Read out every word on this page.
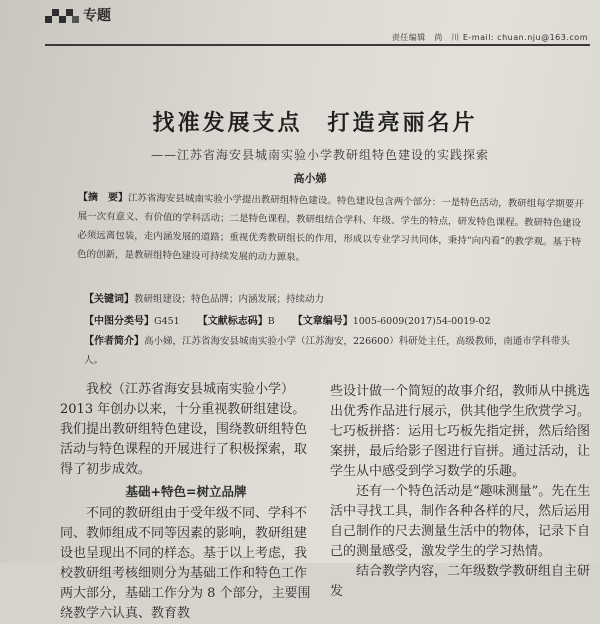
专题
责任编辑　尚　川 E-mail: chuan.nju@163.com
找准发展支点　打造亮丽名片
——江苏省海安县城南实验小学教研组特色建设的实践探索
高小娣
【摘　要】江苏省海安县城南实验小学提出教研组特色建设。特色建设包含两个部分：一是特色活动，教研组每学期要开展一次有意义、有价值的学科活动；二是特色课程，教研组结合学科、年级、学生的特点，研发特色课程。教研特色建设必须远离包装，走内涵发展的道路；重视优秀教研组长的作用，形成以专业学习共同体，秉持“向内看”的教学观。基于特色的创新，是教研组特色建设可持续发展的动力源泉。
【关键词】教研组建设；特色品牌；内涵发展；持续动力
【中图分类号】G451 【文献标志码】B 【文章编号】1005-6009(2017)54-0019-02
【作者简介】高小娣，江苏省海安县城南实验小学（江苏海安，226600）科研处主任，高级教师，南通市学科带头人。

我校（江苏省海安县城南实验小学）2013 年创办以来，十分重视教研组建设。我们提出教研组特色建设，围绕教研组特色活动与特色课程的开展进行了积极探索，取得了初步成效。

基础+特色=树立品牌

不同的教研组由于受年级不同、学科不同、教师组成不同等因素的影响，教研组建设也呈现出不同的样态。基于以上考虑，我校教研组考核细则分为基础工作和特色工作两大部分，基础工作分为 8 个部分，主要围绕教学六认真、教育教

些设计做一个简短的故事介绍，教师从中挑选出优秀作品进行展示，供其他学生欣赏学习。七巧板拼搭：运用七巧板先指定拼，然后给图案拼，最后给影子图进行盲拼。通过活动，让学生从中感受到学习数学的乐趣。

还有一个特色活动是“趣味测量”。先在生活中寻找工具，制作各种各样的尺，然后运用自己制作的尺去测量生活中的物体，记录下自己的测量感受，激发学生的学习热情。

结合教学内容，二年级数学教研组自主研发
